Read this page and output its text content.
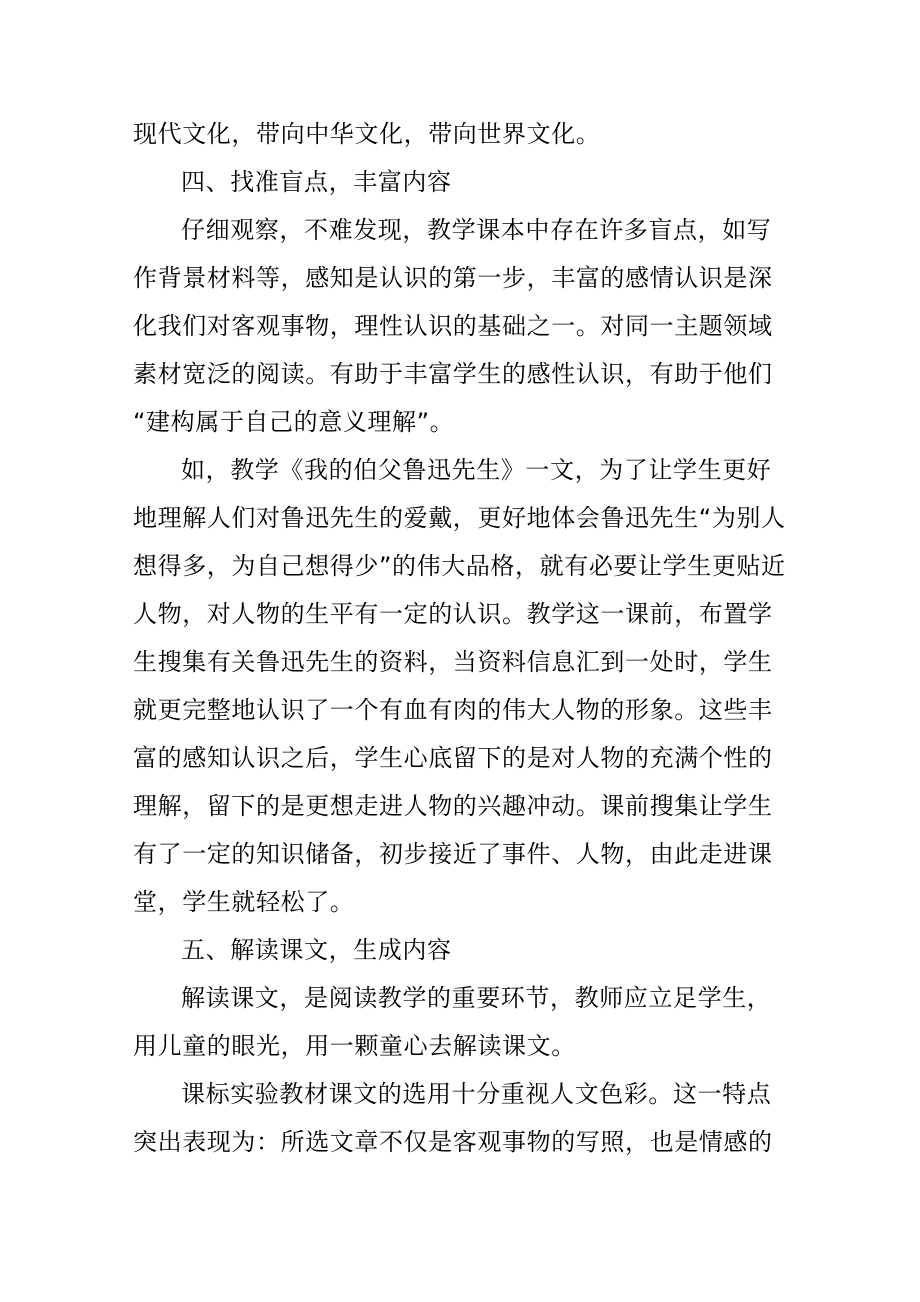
现代文化，带向中华文化，带向世界文化。
四、找准盲点，丰富内容
仔细观察，不难发现，教学课本中存在许多盲点，如写
作背景材料等，感知是认识的第一步，丰富的感情认识是深
化我们对客观事物，理性认识的基础之一。对同一主题领域
素材宽泛的阅读。有助于丰富学生的感性认识，有助于他们
“建构属于自己的意义理解”。
如，教学《我的伯父鲁迅先生》一文，为了让学生更好
地理解人们对鲁迅先生的爱戴，更好地体会鲁迅先生“为别人
想得多，为自己想得少”的伟大品格，就有必要让学生更贴近
人物，对人物的生平有一定的认识。教学这一课前，布置学
生搜集有关鲁迅先生的资料，当资料信息汇到一处时，学生
就更完整地认识了一个有血有肉的伟大人物的形象。这些丰
富的感知认识之后，学生心底留下的是对人物的充满个性的
理解，留下的是更想走进人物的兴趣冲动。课前搜集让学生
有了一定的知识储备，初步接近了事件、人物，由此走进课
堂，学生就轻松了。
五、解读课文，生成内容
解读课文，是阅读教学的重要环节，教师应立足学生，
用儿童的眼光，用一颗童心去解读课文。
课标实验教材课文的选用十分重视人文色彩。这一特点
突出表现为：所选文章不仅是客观事物的写照，也是情感的
